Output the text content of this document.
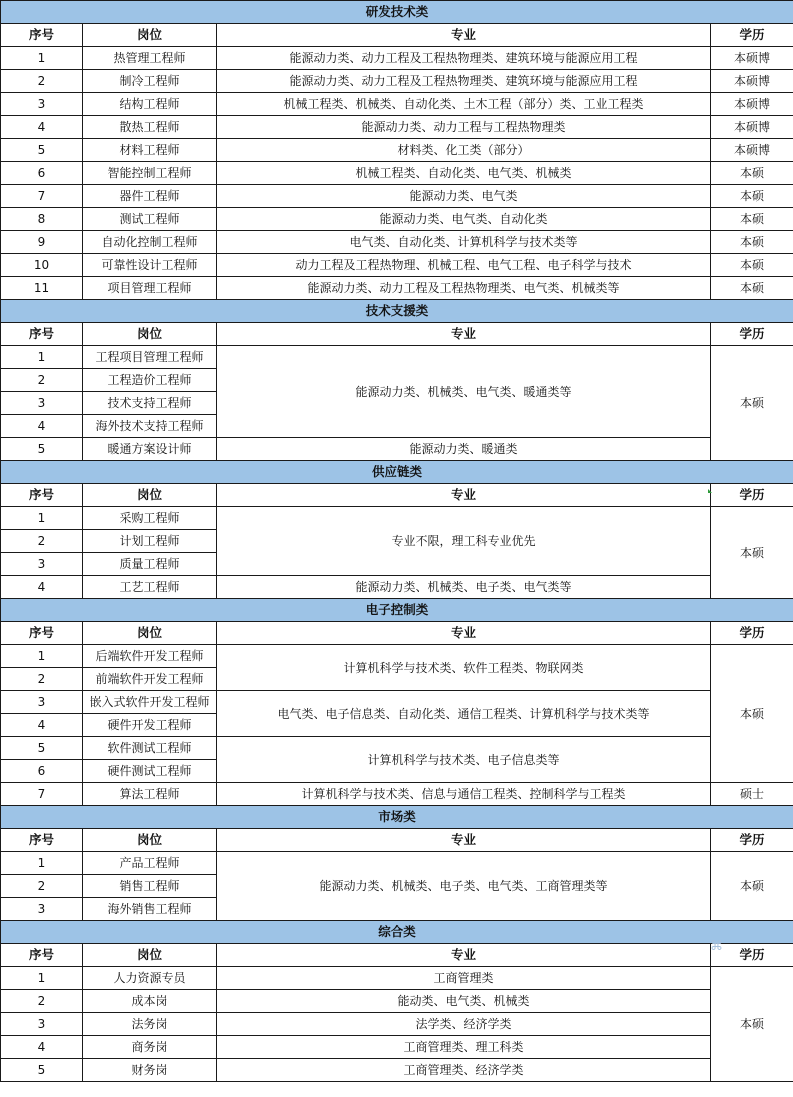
研发技术类			
序号	岗位	专业	学历
1	热管理工程师	能源动力类、动力工程及工程热物理类、建筑环境与能源应用工程	本硕博
2	制冷工程师	能源动力类、动力工程及工程热物理类、建筑环境与能源应用工程	本硕博
3	结构工程师	机械工程类、机械类、自动化类、土木工程（部分）类、工业工程类	本硕博
4	散热工程师	能源动力类、动力工程与工程热物理类	本硕博
5	材料工程师	材料类、化工类（部分）	本硕博
6	智能控制工程师	机械工程类、自动化类、电气类、机械类	本硕
7	器件工程师	能源动力类、电气类	本硕
8	测试工程师	能源动力类、电气类、自动化类	本硕
9	自动化控制工程师	电气类、自动化类、计算机科学与技术类等	本硕
10	可靠性设计工程师	动力工程及工程热物理、机械工程、电气工程、电子科学与技术	本硕
11	项目管理工程师	能源动力类、动力工程及工程热物理类、电气类、机械类等	本硕
技术支援类			
序号	岗位	专业	学历
1	工程项目管理工程师	能源动力类、机械类、电气类、暖通类等	本硕
2	工程造价工程师		
3	技术支持工程师		
4	海外技术支持工程师		
5	暖通方案设计师	能源动力类、暖通类	
供应链类			
序号	岗位	专业	学历
1	采购工程师	专业不限，理工科专业优先	本硕
2	计划工程师		
3	质量工程师		
4	工艺工程师	能源动力类、机械类、电子类、电气类等	
电子控制类			
序号	岗位	专业	学历
1	后端软件开发工程师	计算机科学与技术类、软件工程类、物联网类	本硕
2	前端软件开发工程师		
3	嵌入式软件开发工程师	电气类、电子信息类、自动化类、通信工程类、计算机科学与技术类等	
4	硬件开发工程师		
5	软件测试工程师	计算机科学与技术类、电子信息类等	
6	硬件测试工程师		
7	算法工程师	计算机科学与技术类、信息与通信工程类、控制科学与工程类	硕士
市场类			
序号	岗位	专业	学历
1	产品工程师	能源动力类、机械类、电子类、电气类、工商管理类等	本硕
2	销售工程师		
3	海外销售工程师		
综合类			
序号	岗位	专业	学历
1	人力资源专员	工商管理类	本硕
2	成本岗	能动类、电气类、机械类	
3	法务岗	法学类、经济学类	
4	商务岗	工商管理类、理工科类	
5	财务岗	工商管理类、经济学类	
⌘
